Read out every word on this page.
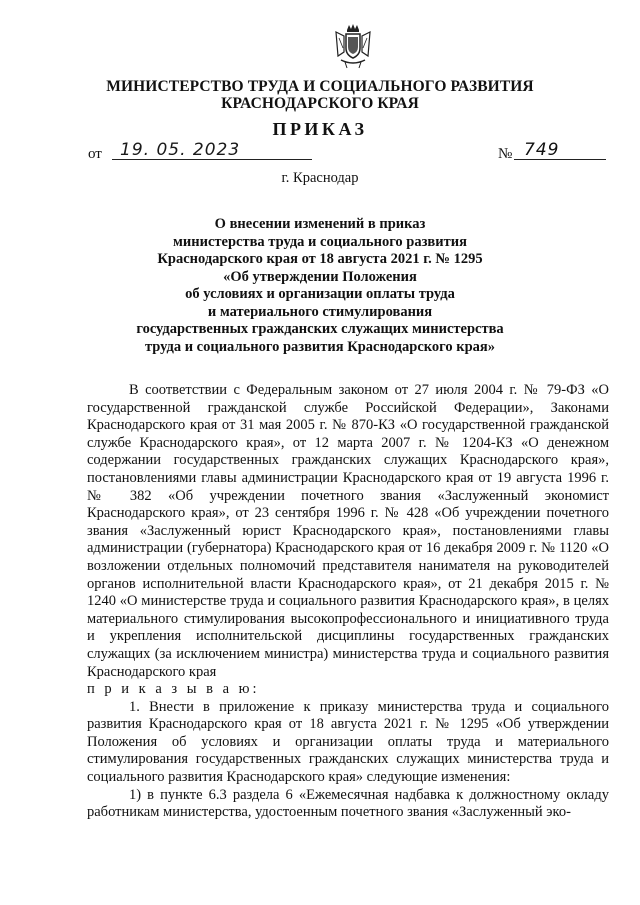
МИНИСТЕРСТВО ТРУДА И СОЦИАЛЬНОГО РАЗВИТИЯ
КРАСНОДАРСКОГО КРАЯ
ПРИКАЗ
от	19. 05. 2023	№ 749
г. Краснодар
О внесении изменений в приказ
министерства труда и социального развития
Краснодарского края от 18 августа 2021 г. № 1295
«Об утверждении Положения
об условиях и организации оплаты труда
и материального стимулирования
государственных гражданских служащих министерства
труда и социального развития Краснодарского края»

В соответствии с Федеральным законом от 27 июля 2004 г. № 79-ФЗ «О государственной гражданской службе Российской Федерации», Законами Краснодарского края от 31 мая 2005 г. № 870-КЗ «О государственной гражданской службе Краснодарского края», от 12 марта 2007 г. № 1204-КЗ «О денежном содержании государственных гражданских служащих Краснодарского края», постановлениями главы администрации Краснодарского края от 19 августа 1996 г. № 382 «Об учреждении почетного звания «Заслуженный экономист Краснодарского края», от 23 сентября 1996 г. № 428 «Об учреждении почетного звания «Заслуженный юрист Краснодарского края», постановлениями главы администрации (губернатора) Краснодарского края от 16 декабря 2009 г. № 1120 «О возложении отдельных полномочий представителя нанимателя на руководителей органов исполнительной власти Краснодарского края», от 21 декабря 2015 г. № 1240 «О министерстве труда и социального развития Краснодарского края», в целях материального стимулирования высокопрофессионального и инициативного труда и укрепления исполнительской дисциплины государственных гражданских служащих (за исключением министра) министерства труда и социального развития Краснодарского края

п р и к а з ы в а ю:

1. Внести в приложение к приказу министерства труда и социального развития Краснодарского края от 18 августа 2021 г. № 1295 «Об утверждении Положения об условиях и организации оплаты труда и материального стимулирования государственных гражданских служащих министерства труда и социального развития Краснодарского края» следующие изменения:

1) в пункте 6.3 раздела 6 «Ежемесячная надбавка к должностному окладу работникам министерства, удостоенным почетного звания «Заслуженный эко-
